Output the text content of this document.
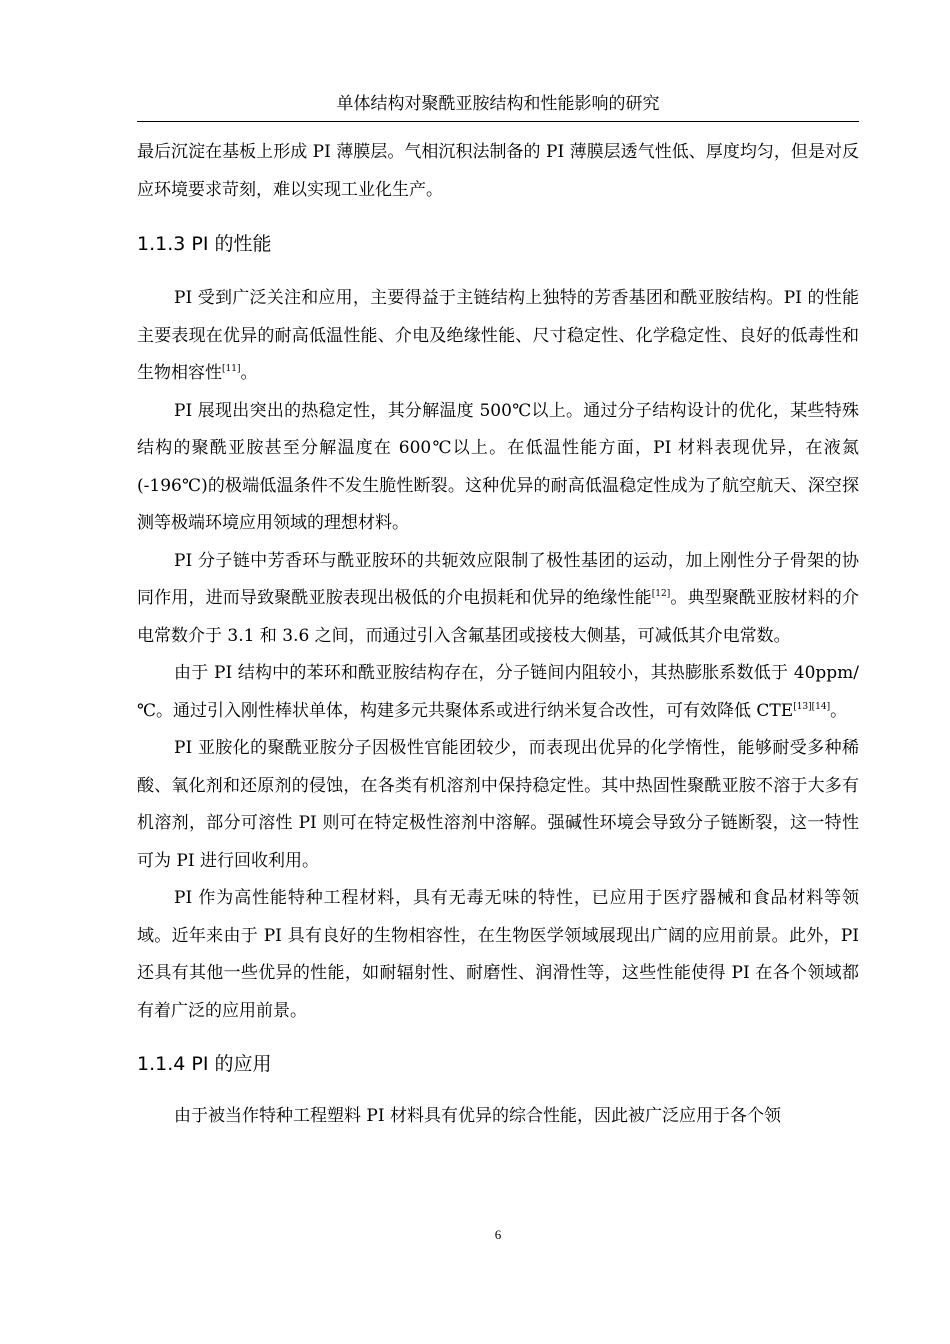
单体结构对聚酰亚胺结构和性能影响的研究

最后沉淀在基板上形成 PI 薄膜层。气相沉积法制备的 PI 薄膜层透气性低、厚度均匀，但是对反应环境要求苛刻，难以实现工业化生产。

1.1.3 PI 的性能

PI 受到广泛关注和应用，主要得益于主链结构上独特的芳香基团和酰亚胺结构。PI 的性能主要表现在优异的耐高低温性能、介电及绝缘性能、尺寸稳定性、化学稳定性、良好的低毒性和生物相容性[11]。

PI 展现出突出的热稳定性，其分解温度 500℃以上。通过分子结构设计的优化，某些特殊结构的聚酰亚胺甚至分解温度在 600℃以上。在低温性能方面，PI 材料表现优异，在液氮(-196℃)的极端低温条件不发生脆性断裂。这种优异的耐高低温稳定性成为了航空航天、深空探测等极端环境应用领域的理想材料。

PI 分子链中芳香环与酰亚胺环的共轭效应限制了极性基团的运动，加上刚性分子骨架的协同作用，进而导致聚酰亚胺表现出极低的介电损耗和优异的绝缘性能[12]。典型聚酰亚胺材料的介电常数介于 3.1 和 3.6 之间，而通过引入含氟基团或接枝大侧基，可减低其介电常数。

由于 PI 结构中的苯环和酰亚胺结构存在，分子链间内阻较小，其热膨胀系数低于 40ppm/℃。通过引入刚性棒状单体，构建多元共聚体系或进行纳米复合改性，可有效降低 CTE[13][14]。

PI 亚胺化的聚酰亚胺分子因极性官能团较少，而表现出优异的化学惰性，能够耐受多种稀酸、氧化剂和还原剂的侵蚀，在各类有机溶剂中保持稳定性。其中热固性聚酰亚胺不溶于大多有机溶剂，部分可溶性 PI 则可在特定极性溶剂中溶解。强碱性环境会导致分子链断裂，这一特性可为 PI 进行回收利用。

PI 作为高性能特种工程材料，具有无毒无味的特性，已应用于医疗器械和食品材料等领域。近年来由于 PI 具有良好的生物相容性，在生物医学领域展现出广阔的应用前景。此外，PI 还具有其他一些优异的性能，如耐辐射性、耐磨性、润滑性等，这些性能使得 PI 在各个领域都有着广泛的应用前景。

1.1.4 PI 的应用

由于被当作特种工程塑料 PI 材料具有优异的综合性能，因此被广泛应用于各个领

6
